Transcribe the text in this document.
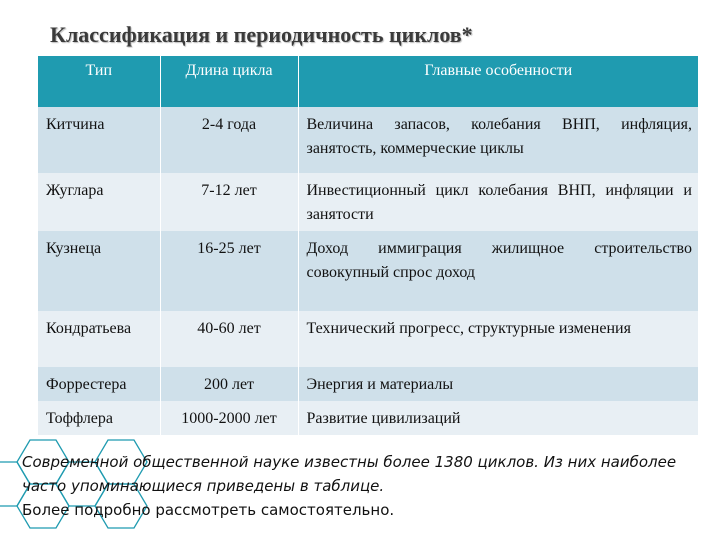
Классификация и периодичность циклов*
Тип	Длина цикла	Главные особенности
Китчина	2-4 года	Величина запасов, колебания ВНП, инфляция, занятость, коммерческие циклы
Жуглара	7-12 лет	Инвестиционный цикл колебания ВНП, инфляции и занятости
Кузнеца	16-25 лет	Доход иммиграция жилищное строительство совокупный спрос доход
Кондратьева	40-60 лет	Технический прогресс, структурные изменения
Форрестера	200 лет	Энергия и материалы
Тоффлера	1000-2000 лет	Развитие цивилизаций
Современной общественной науке известны более 1380 циклов. Из них наиболее часто упоминающиеся приведены в таблице.
Более подробно рассмотреть самостоятельно.
